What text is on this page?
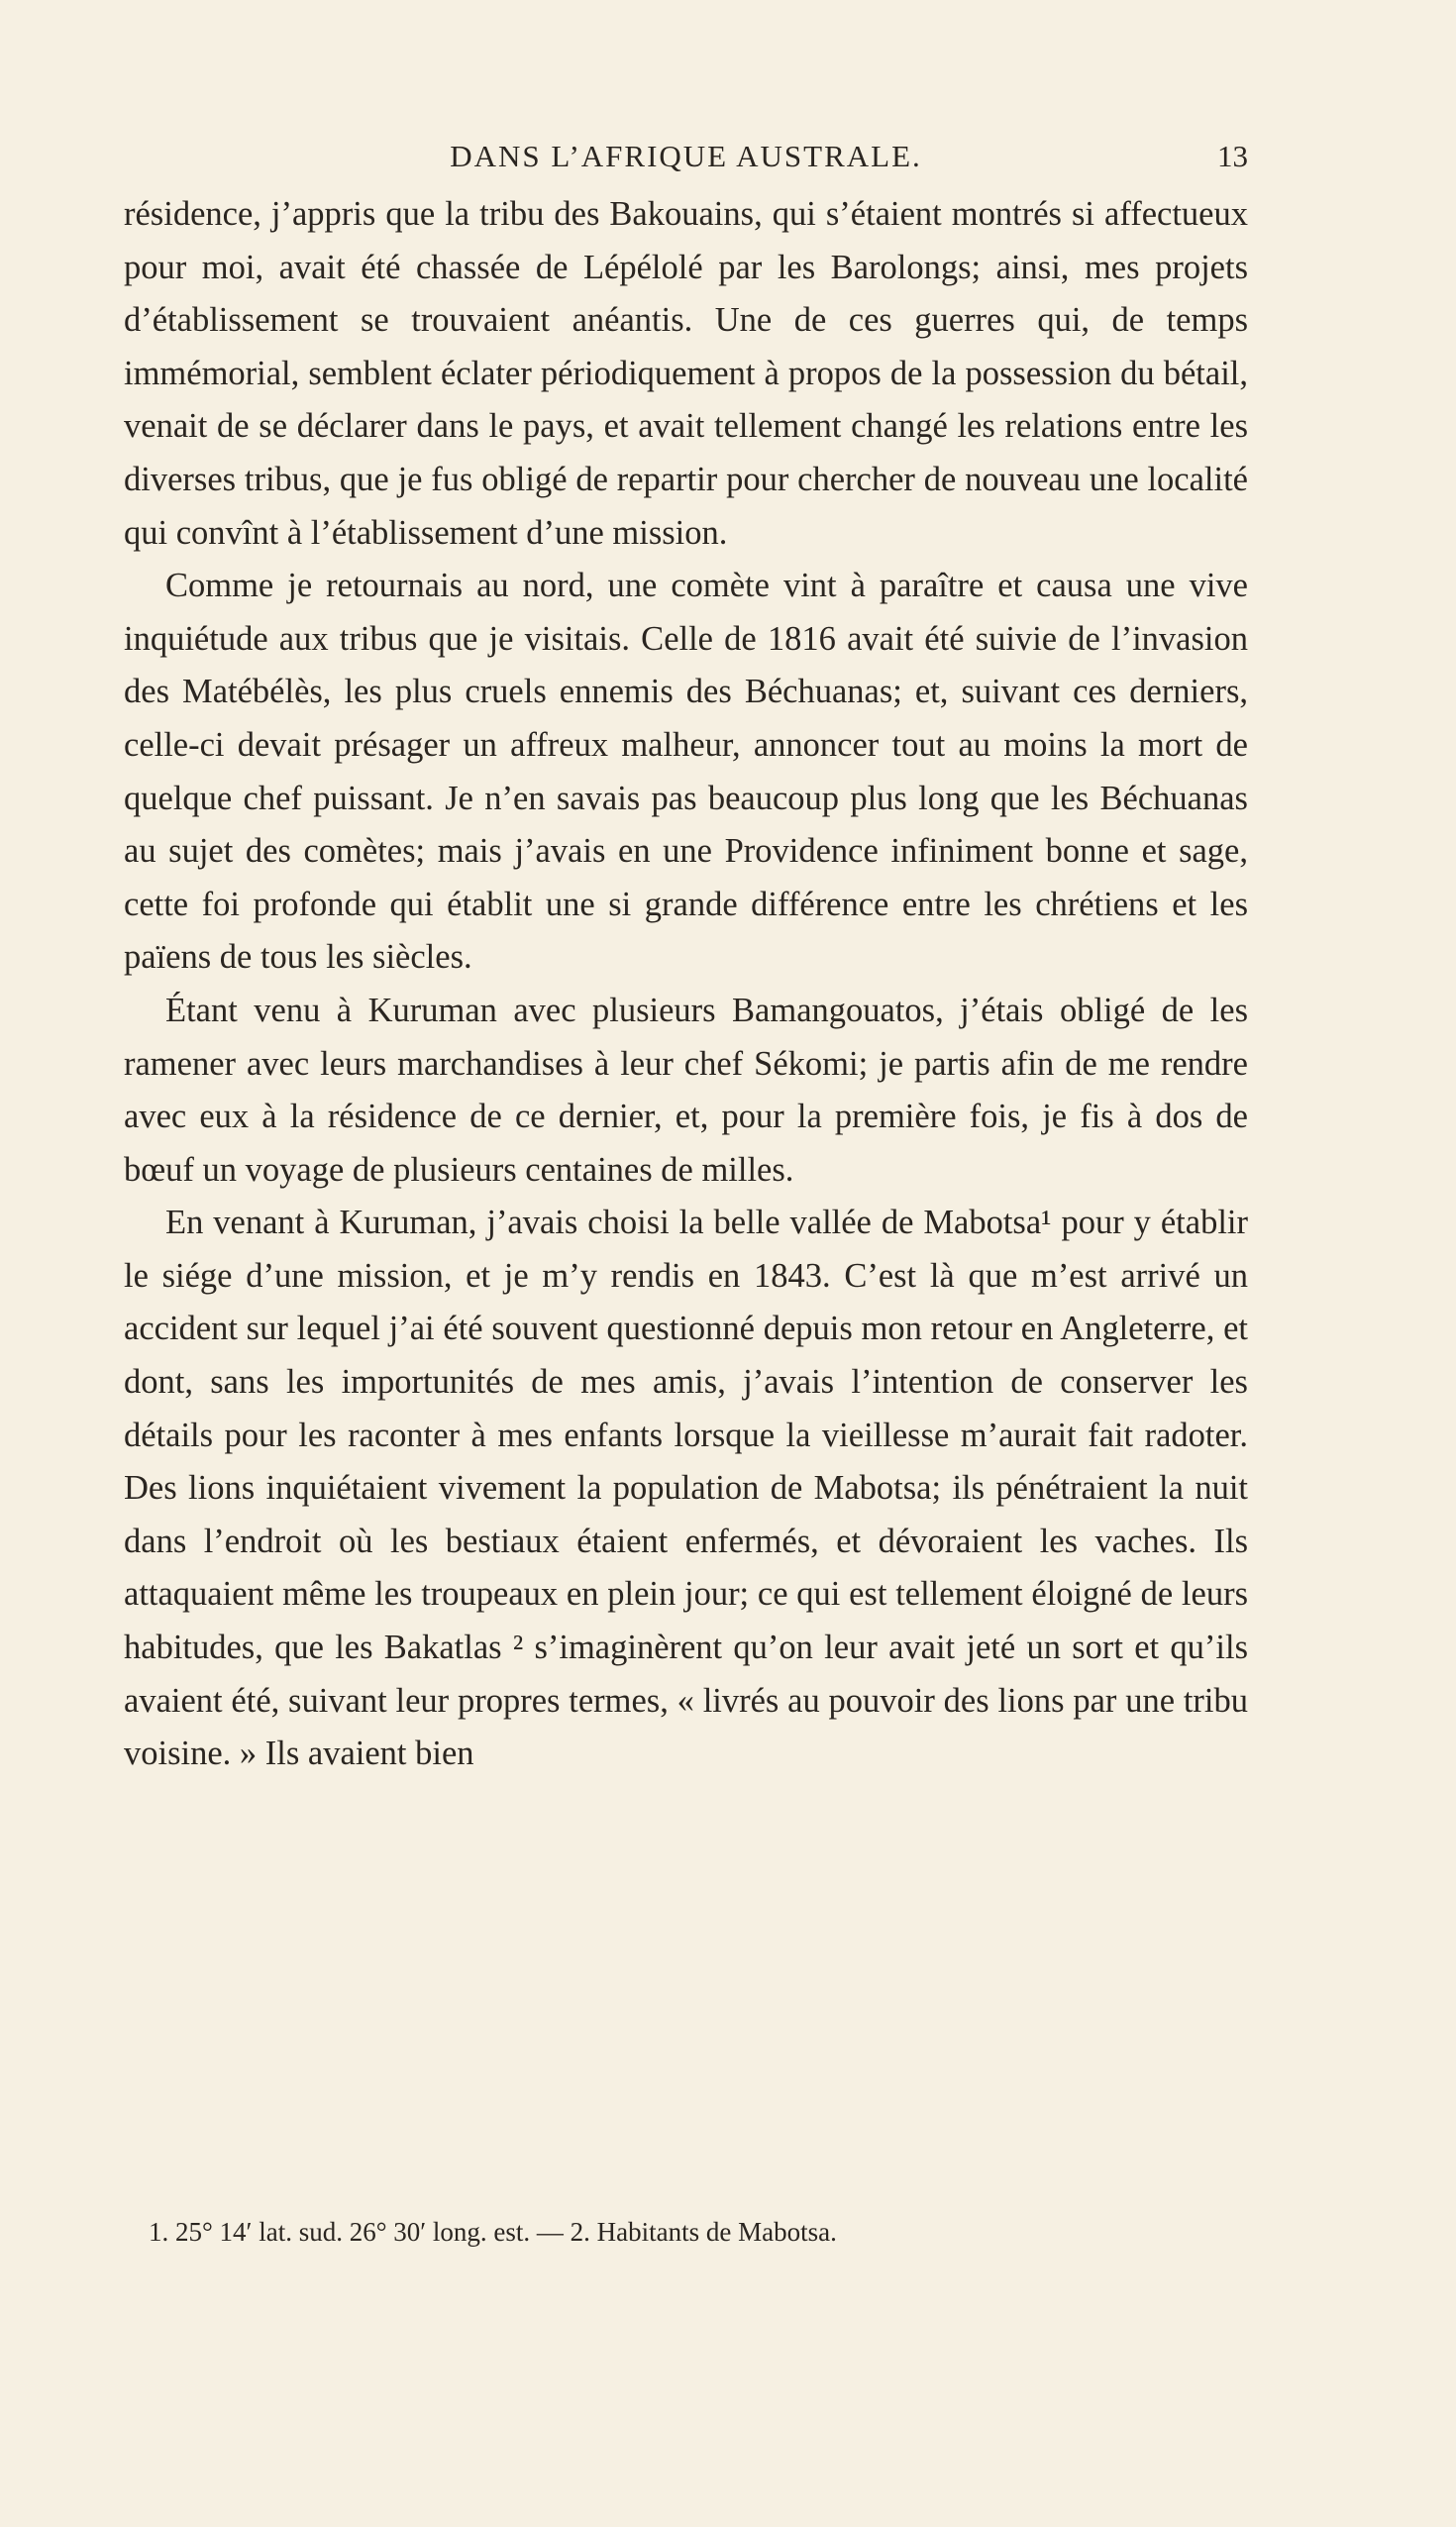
DANS L’AFRIQUE AUSTRALE.	13

résidence, j’appris que la tribu des Bakouains, qui s’étaient montrés si affectueux pour moi, avait été chassée de Lépélolé par les Barolongs; ainsi, mes projets d’établissement se trouvaient anéantis. Une de ces guerres qui, de temps immémorial, semblent éclater périodiquement à propos de la possession du bétail, venait de se déclarer dans le pays, et avait tellement changé les relations entre les diverses tribus, que je fus obligé de repartir pour chercher de nouveau une localité qui convînt à l’établissement d’une mission.

Comme je retournais au nord, une comète vint à paraître et causa une vive inquiétude aux tribus que je visitais. Celle de 1816 avait été suivie de l’invasion des Matébélès, les plus cruels ennemis des Béchuanas; et, suivant ces derniers, celle-ci devait présager un affreux malheur, annoncer tout au moins la mort de quelque chef puissant. Je n’en savais pas beaucoup plus long que les Béchuanas au sujet des comètes; mais j’avais en une Providence infiniment bonne et sage, cette foi profonde qui établit une si grande différence entre les chrétiens et les païens de tous les siècles.

Étant venu à Kuruman avec plusieurs Bamangouatos, j’étais obligé de les ramener avec leurs marchandises à leur chef Sékomi; je partis afin de me rendre avec eux à la résidence de ce dernier, et, pour la première fois, je fis à dos de bœuf un voyage de plusieurs centaines de milles.

En venant à Kuruman, j’avais choisi la belle vallée de Mabotsa¹ pour y établir le siége d’une mission, et je m’y rendis en 1843. C’est là que m’est arrivé un accident sur lequel j’ai été souvent questionné depuis mon retour en Angleterre, et dont, sans les importunités de mes amis, j’avais l’intention de conserver les détails pour les raconter à mes enfants lorsque la vieillesse m’aurait fait radoter. Des lions inquiétaient vivement la population de Mabotsa; ils pénétraient la nuit dans l’endroit où les bestiaux étaient enfermés, et dévoraient les vaches. Ils attaquaient même les troupeaux en plein jour; ce qui est tellement éloigné de leurs habitudes, que les Bakatlas ² s’imaginèrent qu’on leur avait jeté un sort et qu’ils avaient été, suivant leur propres termes, « livrés au pouvoir des lions par une tribu voisine. » Ils avaient bien

1. 25° 14′ lat. sud. 26° 30′ long. est. — 2. Habitants de Mabotsa.
